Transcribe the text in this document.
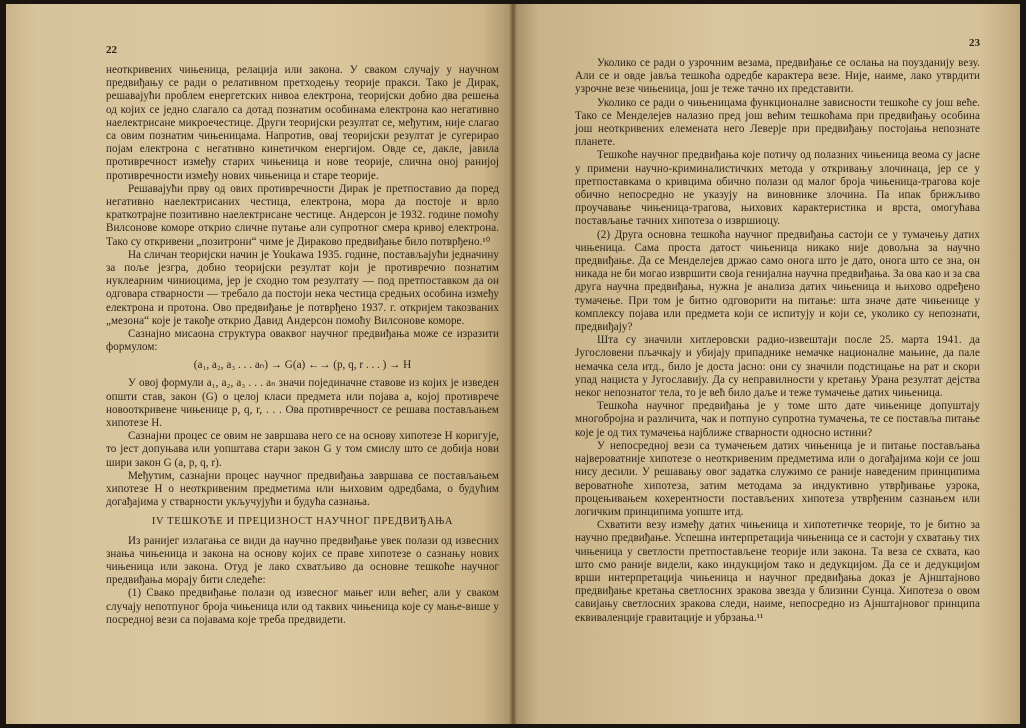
22

неоткривених чињеница, релација или закона. У сваком случају у научном предвиђању се ради о релативном претходењу теорије пракси. Тако је Дирак, решавајући проблем енергетских нивоа електрона, теоријски добио два решења од којих се једно слагало са дотад познатим особинама електрона као негативно наелектрисане микроечестице. Други теоријски резултат се, међутим, није слагао са овим познатим чињеницама. Напротив, овај теоријски резултат је сугерирао појам електрона с негативно кинетичком енергијом. Овде се, дакле, јавила противречност између старих чињеница и нове теорије, слична оној ранијој противречности између нових чињеница и старе теорије.

Решавајући прву од ових противречности Дирак је претпоставио да поред негативно наелектрисаних честица, електрона, мора да постоје и врло краткотрајне позитивно наелектрисане честице. Андерсон је 1932. године помоћу Вилсонове коморе открио сличне путање али супротног смера кривој електрона. Тако су откривени „позитрони“ чиме је Дираково предвиђање било потврђено.¹⁰

На сличан теоријски начин је Youkawa 1935. године, постављајући једначину за поље језгра, добио теоријски резултат који је противречио познатим нуклеарним чиниоцима, јер је сходно том резултату — под претпоставком да он одговара стварности — требало да постоји нека честица средњих особина између електрона и протона. Ово предвиђање је потврђено 1937. г. откријем такозваних „мезона“ које је такође открио Давид Андерсон помоћу Вилсонове коморе.

Сазнајно мисаона структура оваквог научног предвиђања може се изразити формулом:

(a₁, a₂, a₃ . . . aₙ) → G(a) ←→ (p, q, r . . . ) → H

У овој формули a₁, a₂, a₃ . . . aₙ значи појединачне ставове из којих је изведен општи став, закон (G) о целој класи предмета или појава a, којој противрече новооткривене чињенице p, q, r, . . . Ова противречност се решава постављањем хипотезе H.

Сазнајни процес се овим не завршава него се на основу хипотезе H коригује, то јест допуњава или уопштава стари закон G у том смислу што се добија нови шири закон G (a, p, q, r).

Међутим, сазнајни процес научног предвиђања завршава се постављањем хипотезе H о неоткривеним предметима или њиховим одредбама, о будућим догађајима у стварности укључујући и будућа сазнања.

IV ТЕШКОЋЕ И ПРЕЦИЗНОСТ НАУЧНОГ ПРЕДВИЂАЊА

Из ранијег излагања се види да научно предвиђање увек полази од извесних знања чињеница и закона на основу којих се праве хипотезе о сазнању нових чињеница или закона. Отуд је лако схватљиво да основне тешкоће научног предвиђања морају бити следеће:

(1) Свако предвиђање полази од извесног мањег или већег, али у сваком случају непотпуног броја чињеница или од таквих чињеница које су мање-више у посредној вези са појавама које треба предвидети.

23

Уколико се ради о узрочним везама, предвиђање се ослања на поузданију везу. Али се и овде јавља тешкоћа одредбе карактера везе. Није, наиме, лако утврдити узрочне везе чињеница, још је теже тачно их представити.

Уколико се ради о чињеницама функционалне зависности тешкоће су још веће. Тако се Менделејев налазио пред још већим тешкоћама при предвиђању особина још неоткривених елемената него Леверје при предвиђању постојања непознате планете.

Тешкоће научног предвиђања које потичу од полазних чињеница веома су јасне у примени научно-криминалистичких метода у откривању злочинаца, јер се у претпоставкама о кривцима обично полази од малог броја чињеница-трагова које обично непосредно не указују на виновнике злочина. Па ипак брижљиво проучавање чињеница-трагова, њихових карактеристика и врста, омогућава постављање тачних хипотеза о извршиоцу.

(2) Друга основна тешкоћа научног предвиђања састоји се у тумачењу датих чињеница. Сама проста датост чињеница никако није довољна за научно предвиђање. Да се Менделејев држао само онога што је дато, онога што се зна, он никада не би могао извршити своја генијална научна предвиђања. За ова као и за сва друга научна предвиђања, нужна је анализа датих чињеница и њихово одређено тумачење. При том је битно одговорити на питање: шта значе дате чињенице у комплексу појава или предмета који се испитују и који се, уколико су непознати, предвиђају?

Шта су значили хитлеровски радио-извештаји после 25. марта 1941. да Југословени пљачкају и убијају припаднике немачке националне мањине, да пале немачка села итд., било је доста јасно: они су значили подстицање на рат и скори упад нациста у Југославију. Да су неправилности у кретању Урана резултат дејства неког непознатог тела, то је већ било даље и теже тумачење датих чињеница.

Тешкоћа научног предвиђања је у томе што дате чињенице допуштају многобројна и различита, чак и потпуно супротна тумачења, те се поставља питање које је од тих тумачења најближе стварности односно истини?

У непосредној вези са тумачењем датих чињеница је и питање постављања највероватније хипотезе о неоткривеним предметима или о догађајима који се још нису десили. У решавању овог задатка служимо се раније наведеним принципима вероватноће хипотеза, затим методама за индуктивно утврђивање узрока, процењивањем кохерентности постављених хипотеза утврђеним сазнањем или логичким принципима уопште итд.

Схватити везу између датих чињеница и хипотетичке теорије, то је битно за научно предвиђање. Успешна интерпретација чињеница се и састоји у схватању тих чињеница у светлости претпостављене теорије или закона. Та веза се схвата, као што смо раније видели, како индукцијом тако и дедукцијом. Да се и дедукцијом врши интерпретација чињеница и научног предвиђања доказ је Ајнштајново предвиђање кретања светлосних зракова звезда у близини Сунца. Хипотеза о овом савијању светлосних зракова следи, наиме, непосредно из Ајнштајновог принципа еквиваленције гравитације и убрзања.¹¹
